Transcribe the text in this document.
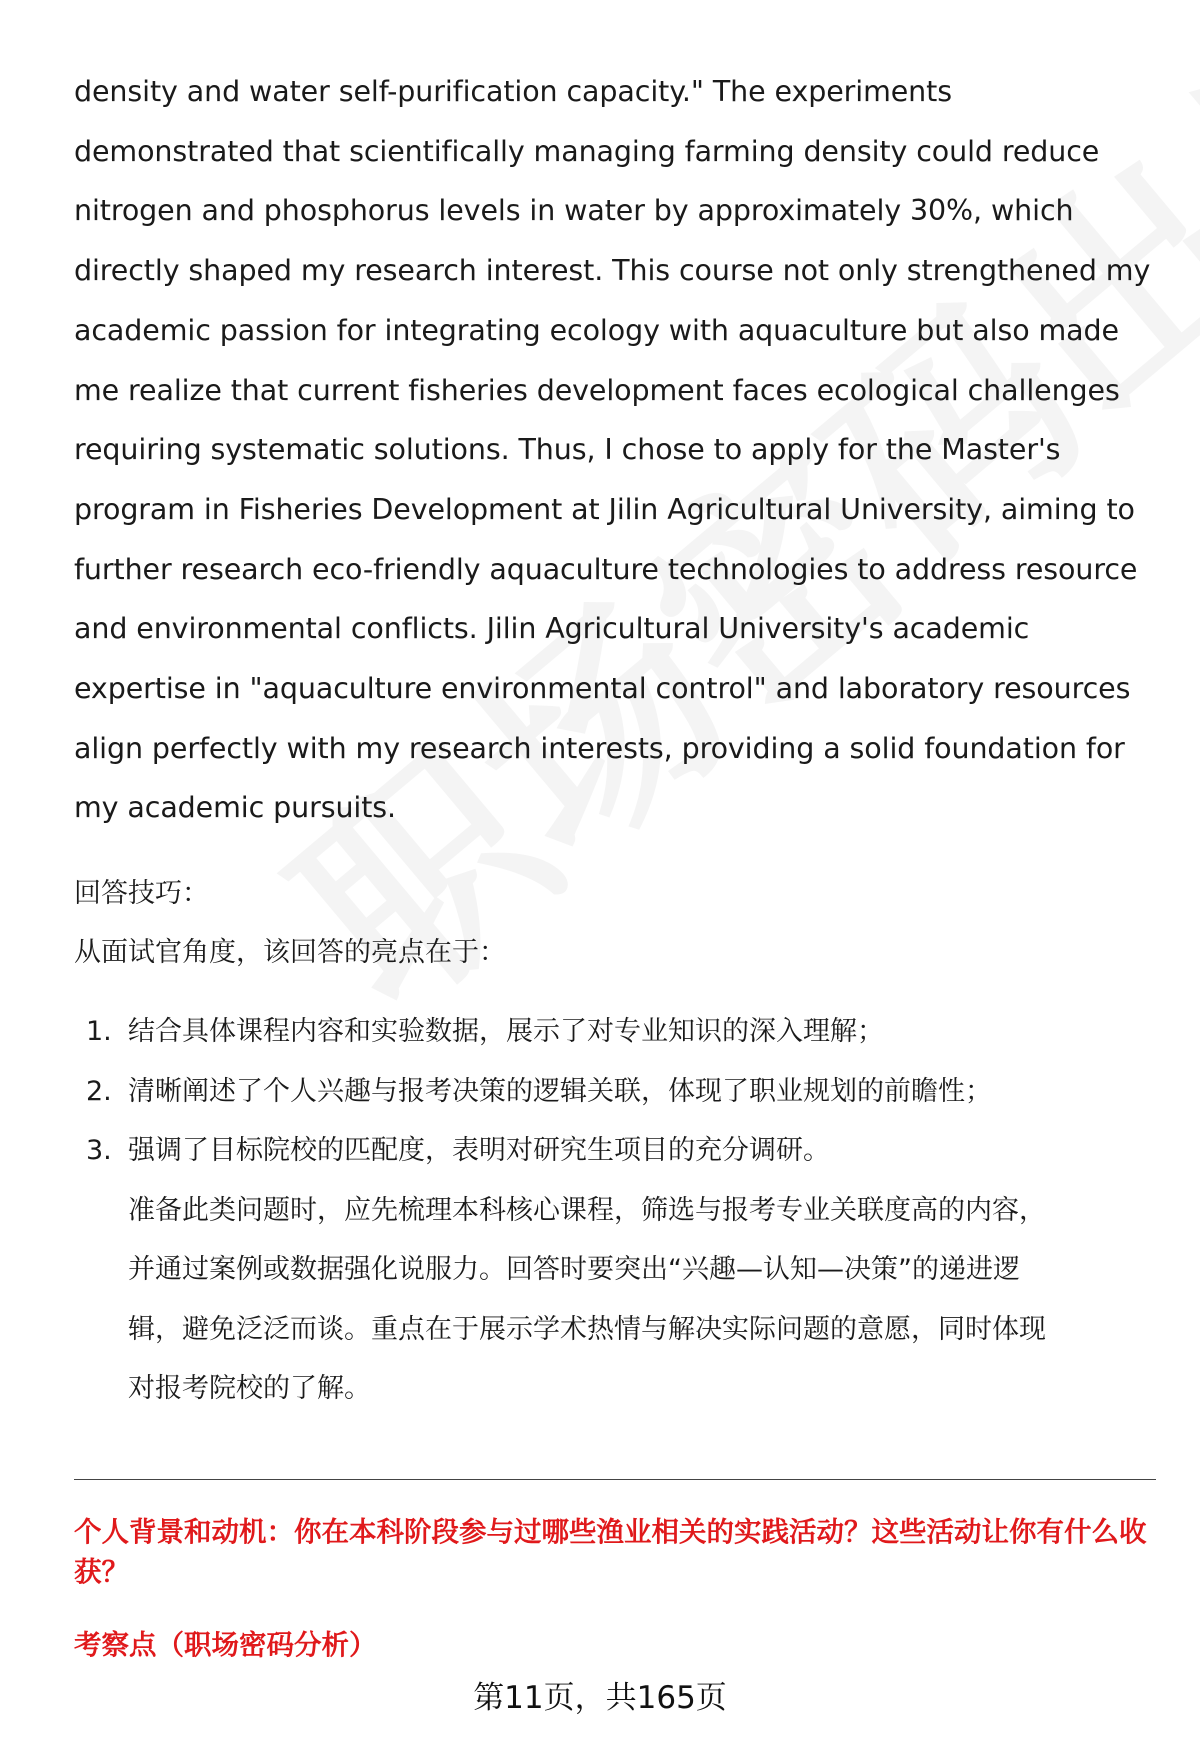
density and water self-purification capacity." The experiments

demonstrated that scientifically managing farming density could reduce

nitrogen and phosphorus levels in water by approximately 30%, which

directly shaped my research interest. This course not only strengthened my

academic passion for integrating ecology with aquaculture but also made

me realize that current fisheries development faces ecological challenges

requiring systematic solutions. Thus, I chose to apply for the Master's

program in Fisheries Development at Jilin Agricultural University, aiming to

further research eco-friendly aquaculture technologies to address resource

and environmental conflicts. Jilin Agricultural University's academic

expertise in "aquaculture environmental control" and laboratory resources

align perfectly with my research interests, providing a solid foundation for

my academic pursuits.

回答技巧：
从面试官角度，该回答的亮点在于：
1. 结合具体课程内容和实验数据，展示了对专业知识的深入理解；
2. 清晰阐述了个人兴趣与报考决策的逻辑关联，体现了职业规划的前瞻性；
3. 强调了目标院校的匹配度，表明对研究生项目的充分调研。
准备此类问题时，应先梳理本科核心课程，筛选与报考专业关联度高的内容，
并通过案例或数据强化说服力。回答时要突出“兴趣—认知—决策”的递进逻
辑，避免泛泛而谈。重点在于展示学术热情与解决实际问题的意愿，同时体现
对报考院校的了解。
个人背景和动机：你在本科阶段参与过哪些渔业相关的实践活动？这些活动让你有什么收获？
考察点（职场密码分析）
第11页，共165页
